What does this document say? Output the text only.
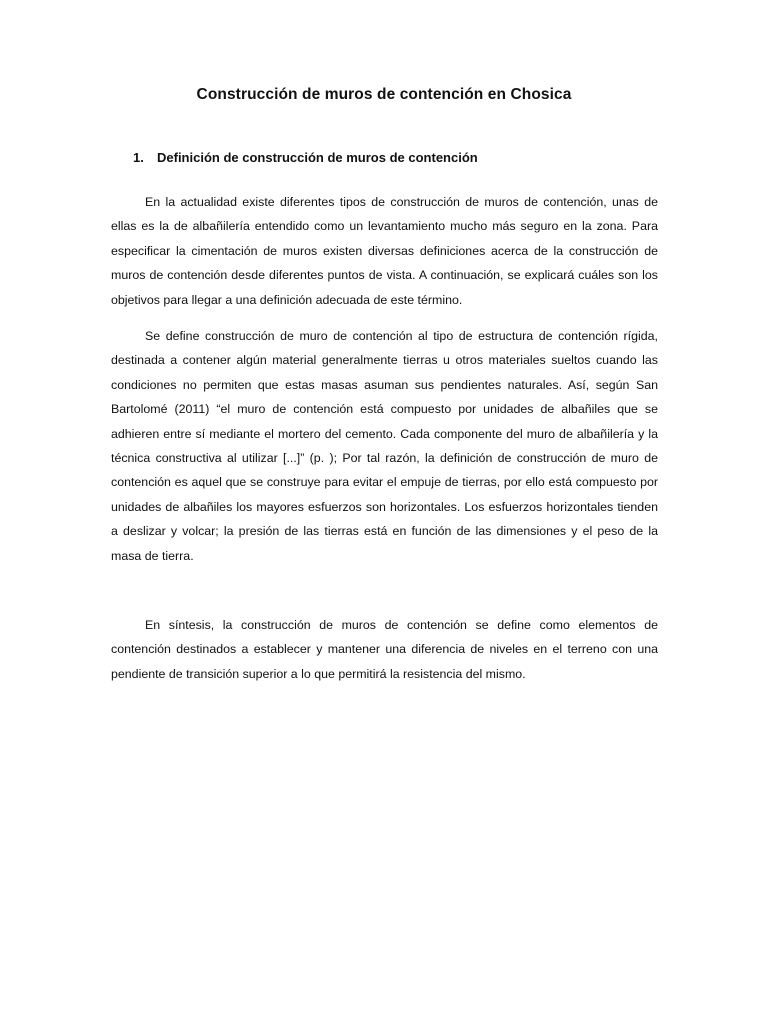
Construcción de muros de contención en Chosica
1.	Definición de construcción de muros de contención

En la actualidad existe diferentes tipos de construcción de muros de contención, unas de ellas es la de albañilería entendido como un levantamiento mucho más seguro en la zona. Para especificar la cimentación de muros existen diversas definiciones acerca de la construcción de muros de contención desde diferentes puntos de vista. A continuación, se explicará cuáles son los objetivos para llegar a una definición adecuada de este término.

Se define construcción de muro de contención al tipo de estructura de contención rígida, destinada a contener algún material generalmente tierras u otros materiales sueltos cuando las condiciones no permiten que estas masas asuman sus pendientes naturales. Así, según San Bartolomé (2011) “el muro de contención está compuesto por unidades de albañiles que se adhieren entre sí mediante el mortero del cemento. Cada componente del muro de albañilería y la técnica constructiva al utilizar [...]” (p. ); Por tal razón, la definición de construcción de muro de contención es aquel que se construye para evitar el empuje de tierras, por ello está compuesto por unidades de albañiles los mayores esfuerzos son horizontales. Los esfuerzos horizontales tienden a deslizar y volcar; la presión de las tierras está en función de las dimensiones y el peso de la masa de tierra.

En síntesis, la construcción de muros de contención se define como elementos de contención destinados a establecer y mantener una diferencia de niveles en el terreno con una pendiente de transición superior a lo que permitirá la resistencia del mismo.
